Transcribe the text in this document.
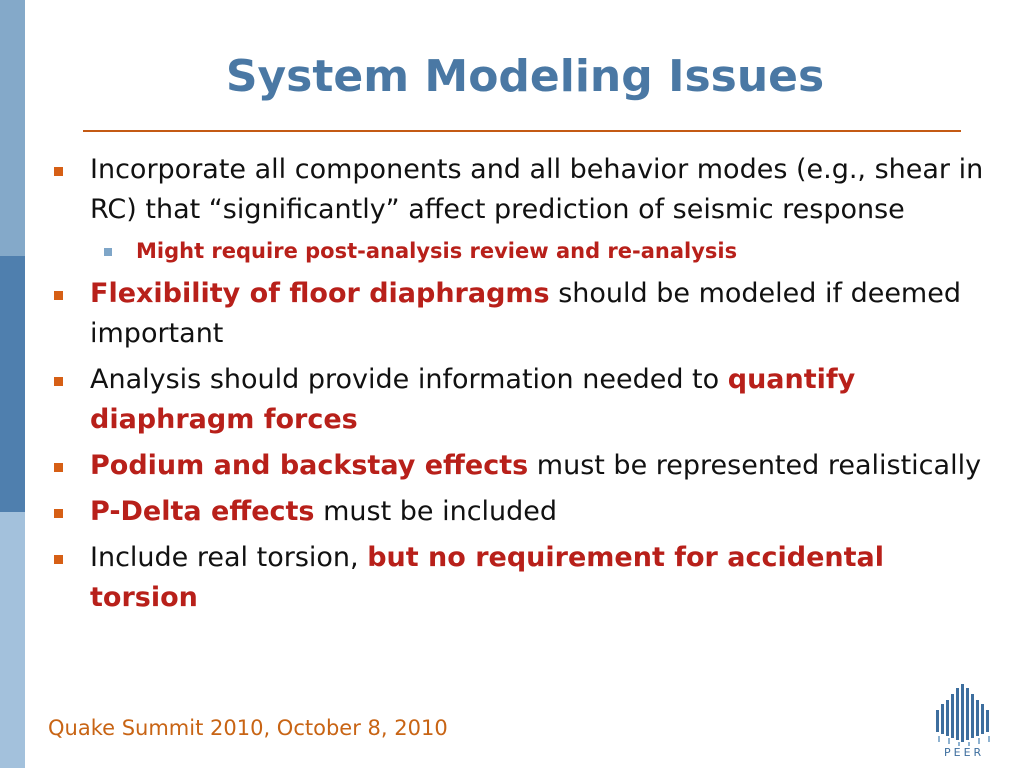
System Modeling Issues
Incorporate all components and all behavior modes (e.g., shear in RC) that “significantly” affect prediction of seismic response
Might require post-analysis review and re-analysis
Flexibility of floor diaphragms should be modeled if deemed important
Analysis should provide information needed to quantify diaphragm forces
Podium and backstay effects must be represented realistically
P-Delta effects must be included
Include real torsion, but no requirement for accidental torsion
Quake Summit 2010, October 8, 2010
PEER
